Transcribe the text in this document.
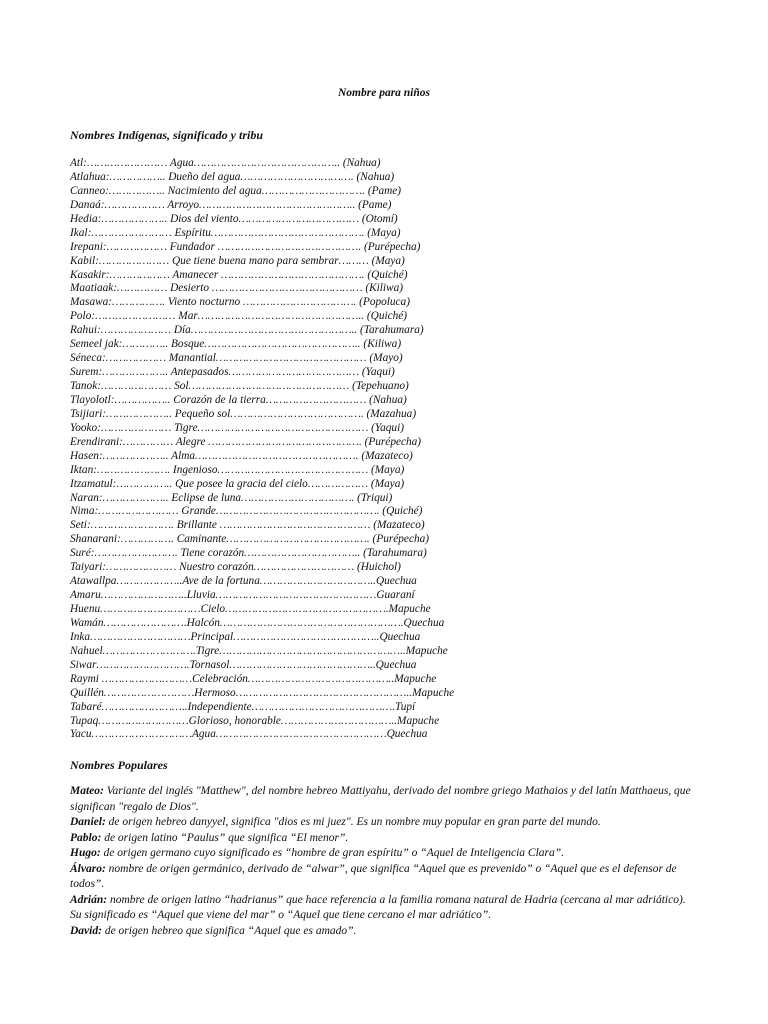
Nombre para niños
Nombres Indígenas, significado y tribu
Atl:…………………… Agua…………………………………….. (Nahua)
Atlahua:…………….. Dueño del agua……………………………. (Nahua)
Canneo:…………….. Nacimiento del agua…………………………. (Pame)
Danaá:……………… Arroyo……………………………………….. (Pame)
Hedia:……………….. Dios del viento……………………………… (Otomí)
Ikal:…………………… Espíritu………………………………………. (Maya)
Irepani:……………… Fundador ……………………………………. (Purépecha)
Kabil:………………… Que tiene buena mano para sembrar……… (Maya)
Kasakir:……………… Amanecer ……………………………………. (Quiché)
Maatiaak:…………… Desierto ……………………………………… (Kiliwa)
Masawa:……………. Viento nocturno ……………………………. (Popoluca)
Polo:…………………… Mar………………………………………….. (Quiché)
Rahui:………………… Día………………………………………….. (Tarahumara)
Semeel jak:………….. Bosque……………………………………….. (Kiliwa)
Séneca:……………… Manantial……………………………………… (Mayo)
Surem:……………….. Antepasados………………………………… (Yaqui)
Tanok:………………… Sol………………………………………… (Tepehuano)
Tlayolotl:…………….. Corazón de la tierra………………………… (Nahua)
Tsijiari:……………….. Pequeño sol…………………………………. (Mazahua)
Yooko:………………… Tigre…………………………………………… (Yaqui)
Erendirani:…………… Alegre ………………………………………. (Purépecha)
Hasen:……………….. Alma…………………………………………. (Mazateco)
Iktan:…………………. Ingenioso……………………………………… (Maya)
Itzamatul:…………….. Que posee la gracia del cielo……………… (Maya)
Naran:……………….. Eclipse de luna……………………………. (Triqui)
Nima:…………………… Grande…………………………………………. (Quiché)
Seti:……………………. Brillante ……………………………………… (Mazateco)
Shanarani:……………. Caminante……………………………………. (Purépecha)
Suré:……………………. Tiene corazón…………………………….. (Tarahumara)
Taiyari:………………… Nuestro corazón………………………… (Huichol)
Atawallpa………………..Ave de la fortuna……………………………..Quechua
Amaru……………………..Lluvia…………………………………………Guaraní
Huenu…………………………Cielo………………………………………….Mapuche
Wamán…………………….Halcón……………………………………………….Quechua
Inka…………………………Principal……………………………………..Quechua
Nahuel……………………….Tigre………………………………………………..Mapuche
Siwar……………………….Tornasol……………………………………..Quechua
Raymi ………………………Celebración……………………………………..Mapuche
Quillén………………………Hermoso……………………………………………..Mapuche
Tabaré……………………..Independiente…………………………………….Tupí
Tupaq………………………Glorioso, honorable……………………………..Mapuche
Yacu…………………………Agua……………………………………………Quechua
Nombres Populares

Mateo: Variante del inglés "Matthew", del nombre hebreo Mattiyahu, derivado del nombre griego Mathaios y del latín Matthaeus, que significan "regalo de Dios".

Daniel: de origen hebreo danyyel, significa "dios es mi juez". Es un nombre muy popular en gran parte del mundo.

Pablo: de origen latino “Paulus” que significa “El menor”.

Hugo: de origen germano cuyo significado es “hombre de gran espíritu” o “Aquel de Inteligencia Clara”.

Álvaro: nombre de origen germánico, derivado de “alwar”, que significa “Aquel que es prevenido” o “Aquel que es el defensor de todos”.

Adrián: nombre de origen latino “hadrianus” que hace referencia a la familia romana natural de Hadria (cercana al mar adriático). Su significado es “Aquel que viene del mar” o “Aquel que tiene cercano el mar adriático”.

David: de origen hebreo que significa “Aquel que es amado”.
